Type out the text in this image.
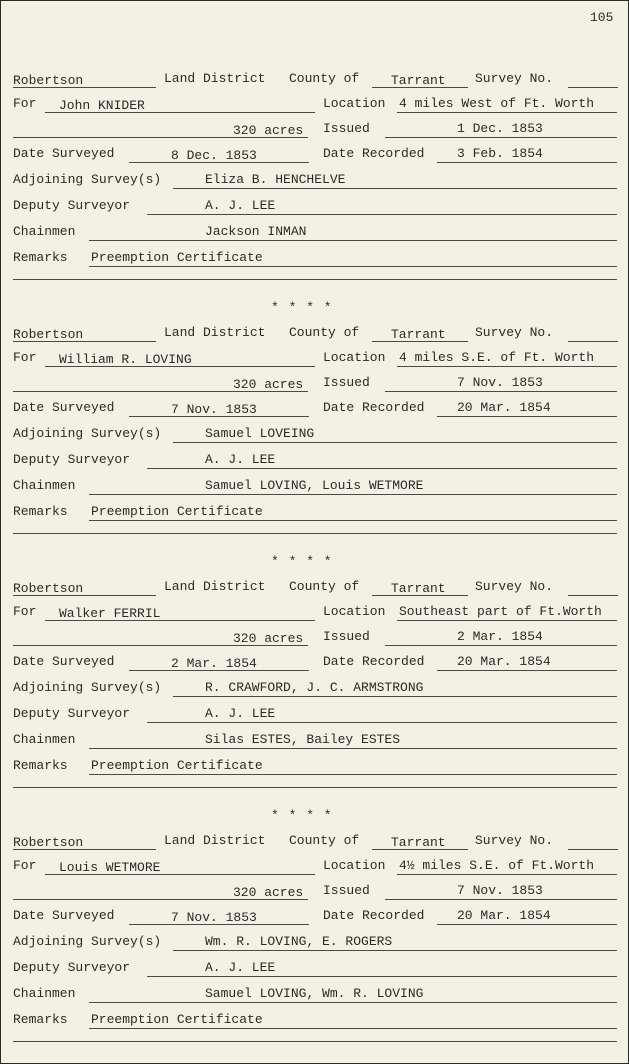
105
Robertson	Land District County of Tarrant Survey No.
For John KNIDER	Location 4 miles West of Ft. Worth
320 acres Issued	1 Dec. 1853
Date Surveyed	8 Dec. 1853	Date Recorded	3 Feb. 1854
Adjoining Survey(s)	Eliza B. HENCHELVE
Deputy Surveyor	A. J. LEE
Chainmen	Jackson INMAN
Remarks Preemption Certificate
Robertson	Land District County of Tarrant Survey No.
For William R. LOVING	Location 4 miles S.E. of Ft. Worth
320 acres Issued	7 Nov. 1853
Date Surveyed	7 Nov. 1853	Date Recorded	20 Mar. 1854
Adjoining Survey(s)	Samuel LOVEING
Deputy Surveyor	A. J. LEE
Chainmen	Samuel LOVING, Louis WETMORE
Remarks Preemption Certificate
Robertson	Land District County of Tarrant Survey No.
For Walker FERRIL	Location Southeast part of Ft.Worth
320 acres Issued	2 Mar. 1854
Date Surveyed	2 Mar. 1854	Date Recorded	20 Mar. 1854
Adjoining Survey(s)	R. CRAWFORD, J. C. ARMSTRONG
Deputy Surveyor	A. J. LEE
Chainmen	Silas ESTES, Bailey ESTES
Remarks Preemption Certificate
Robertson	Land District County of Tarrant Survey No.
For Louis WETMORE	Location 4½ miles S.E. of Ft.Worth
320 acres Issued	7 Nov. 1853
Date Surveyed	7 Nov. 1853	Date Recorded	20 Mar. 1854
Adjoining Survey(s)	Wm. R. LOVING, E. ROGERS
Deputy Surveyor	A. J. LEE
Chainmen	Samuel LOVING, Wm. R. LOVING
Remarks Preemption Certificate
* * * *
* * * *
* * * *
